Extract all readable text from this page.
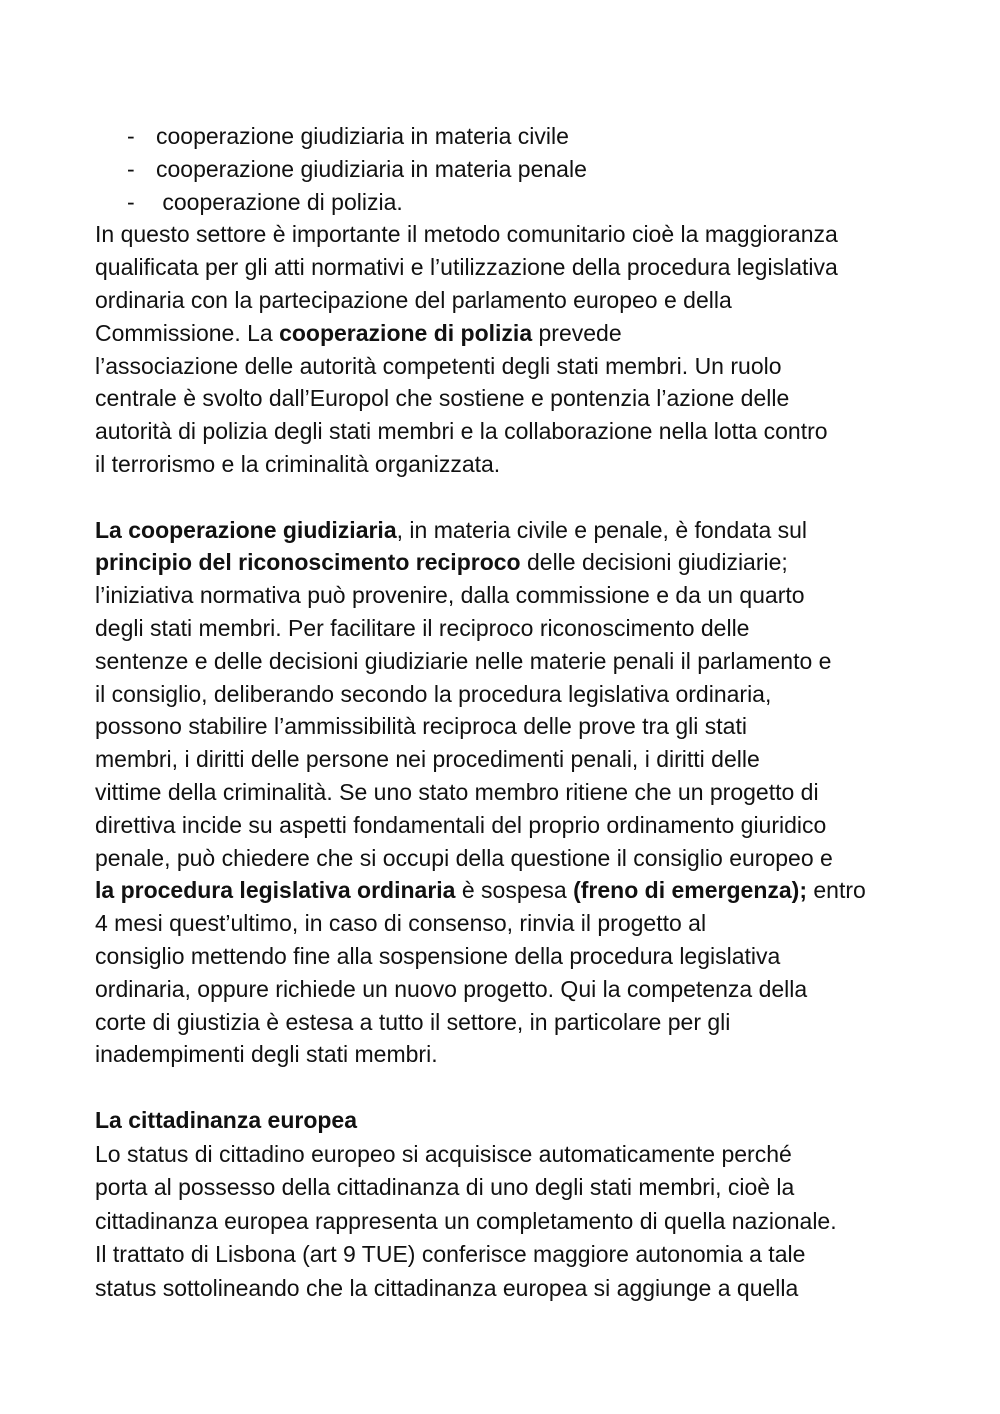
- cooperazione giudiziaria in materia civile
- cooperazione giudiziaria in materia penale
- cooperazione di polizia.

In questo settore è importante il metodo comunitario cioè la maggioranza
qualificata per gli atti normativi e l’utilizzazione della procedura legislativa
ordinaria con la partecipazione del parlamento europeo e della
Commissione. La cooperazione di polizia prevede
l’associazione delle autorità competenti degli stati membri. Un ruolo
centrale è svolto dall’Europol che sostiene e pontenzia l’azione delle
autorità di polizia degli stati membri e la collaborazione nella lotta contro
il terrorismo e la criminalità organizzata.

La cooperazione giudiziaria, in materia civile e penale, è fondata sul
principio del riconoscimento reciproco delle decisioni giudiziarie;
l’iniziativa normativa può provenire, dalla commissione e da un quarto
degli stati membri. Per facilitare il reciproco riconoscimento delle
sentenze e delle decisioni giudiziarie nelle materie penali il parlamento e
il consiglio, deliberando secondo la procedura legislativa ordinaria,
possono stabilire l’ammissibilità reciproca delle prove tra gli stati
membri, i diritti delle persone nei procedimenti penali, i diritti delle
vittime della criminalità. Se uno stato membro ritiene che un progetto di
direttiva incide su aspetti fondamentali del proprio ordinamento giuridico
penale, può chiedere che si occupi della questione il consiglio europeo e
la procedura legislativa ordinaria è sospesa (freno di emergenza); entro
4 mesi quest’ultimo, in caso di consenso, rinvia il progetto al
consiglio mettendo fine alla sospensione della procedura legislativa
ordinaria, oppure richiede un nuovo progetto. Qui la competenza della
corte di giustizia è estesa a tutto il settore, in particolare per gli
inadempimenti degli stati membri.

La cittadinanza europea
Lo status di cittadino europeo si acquisisce automaticamente perché
porta al possesso della cittadinanza di uno degli stati membri, cioè la
cittadinanza europea rappresenta un completamento di quella nazionale.
Il trattato di Lisbona (art 9 TUE) conferisce maggiore autonomia a tale
status sottolineando che la cittadinanza europea si aggiunge a quella
